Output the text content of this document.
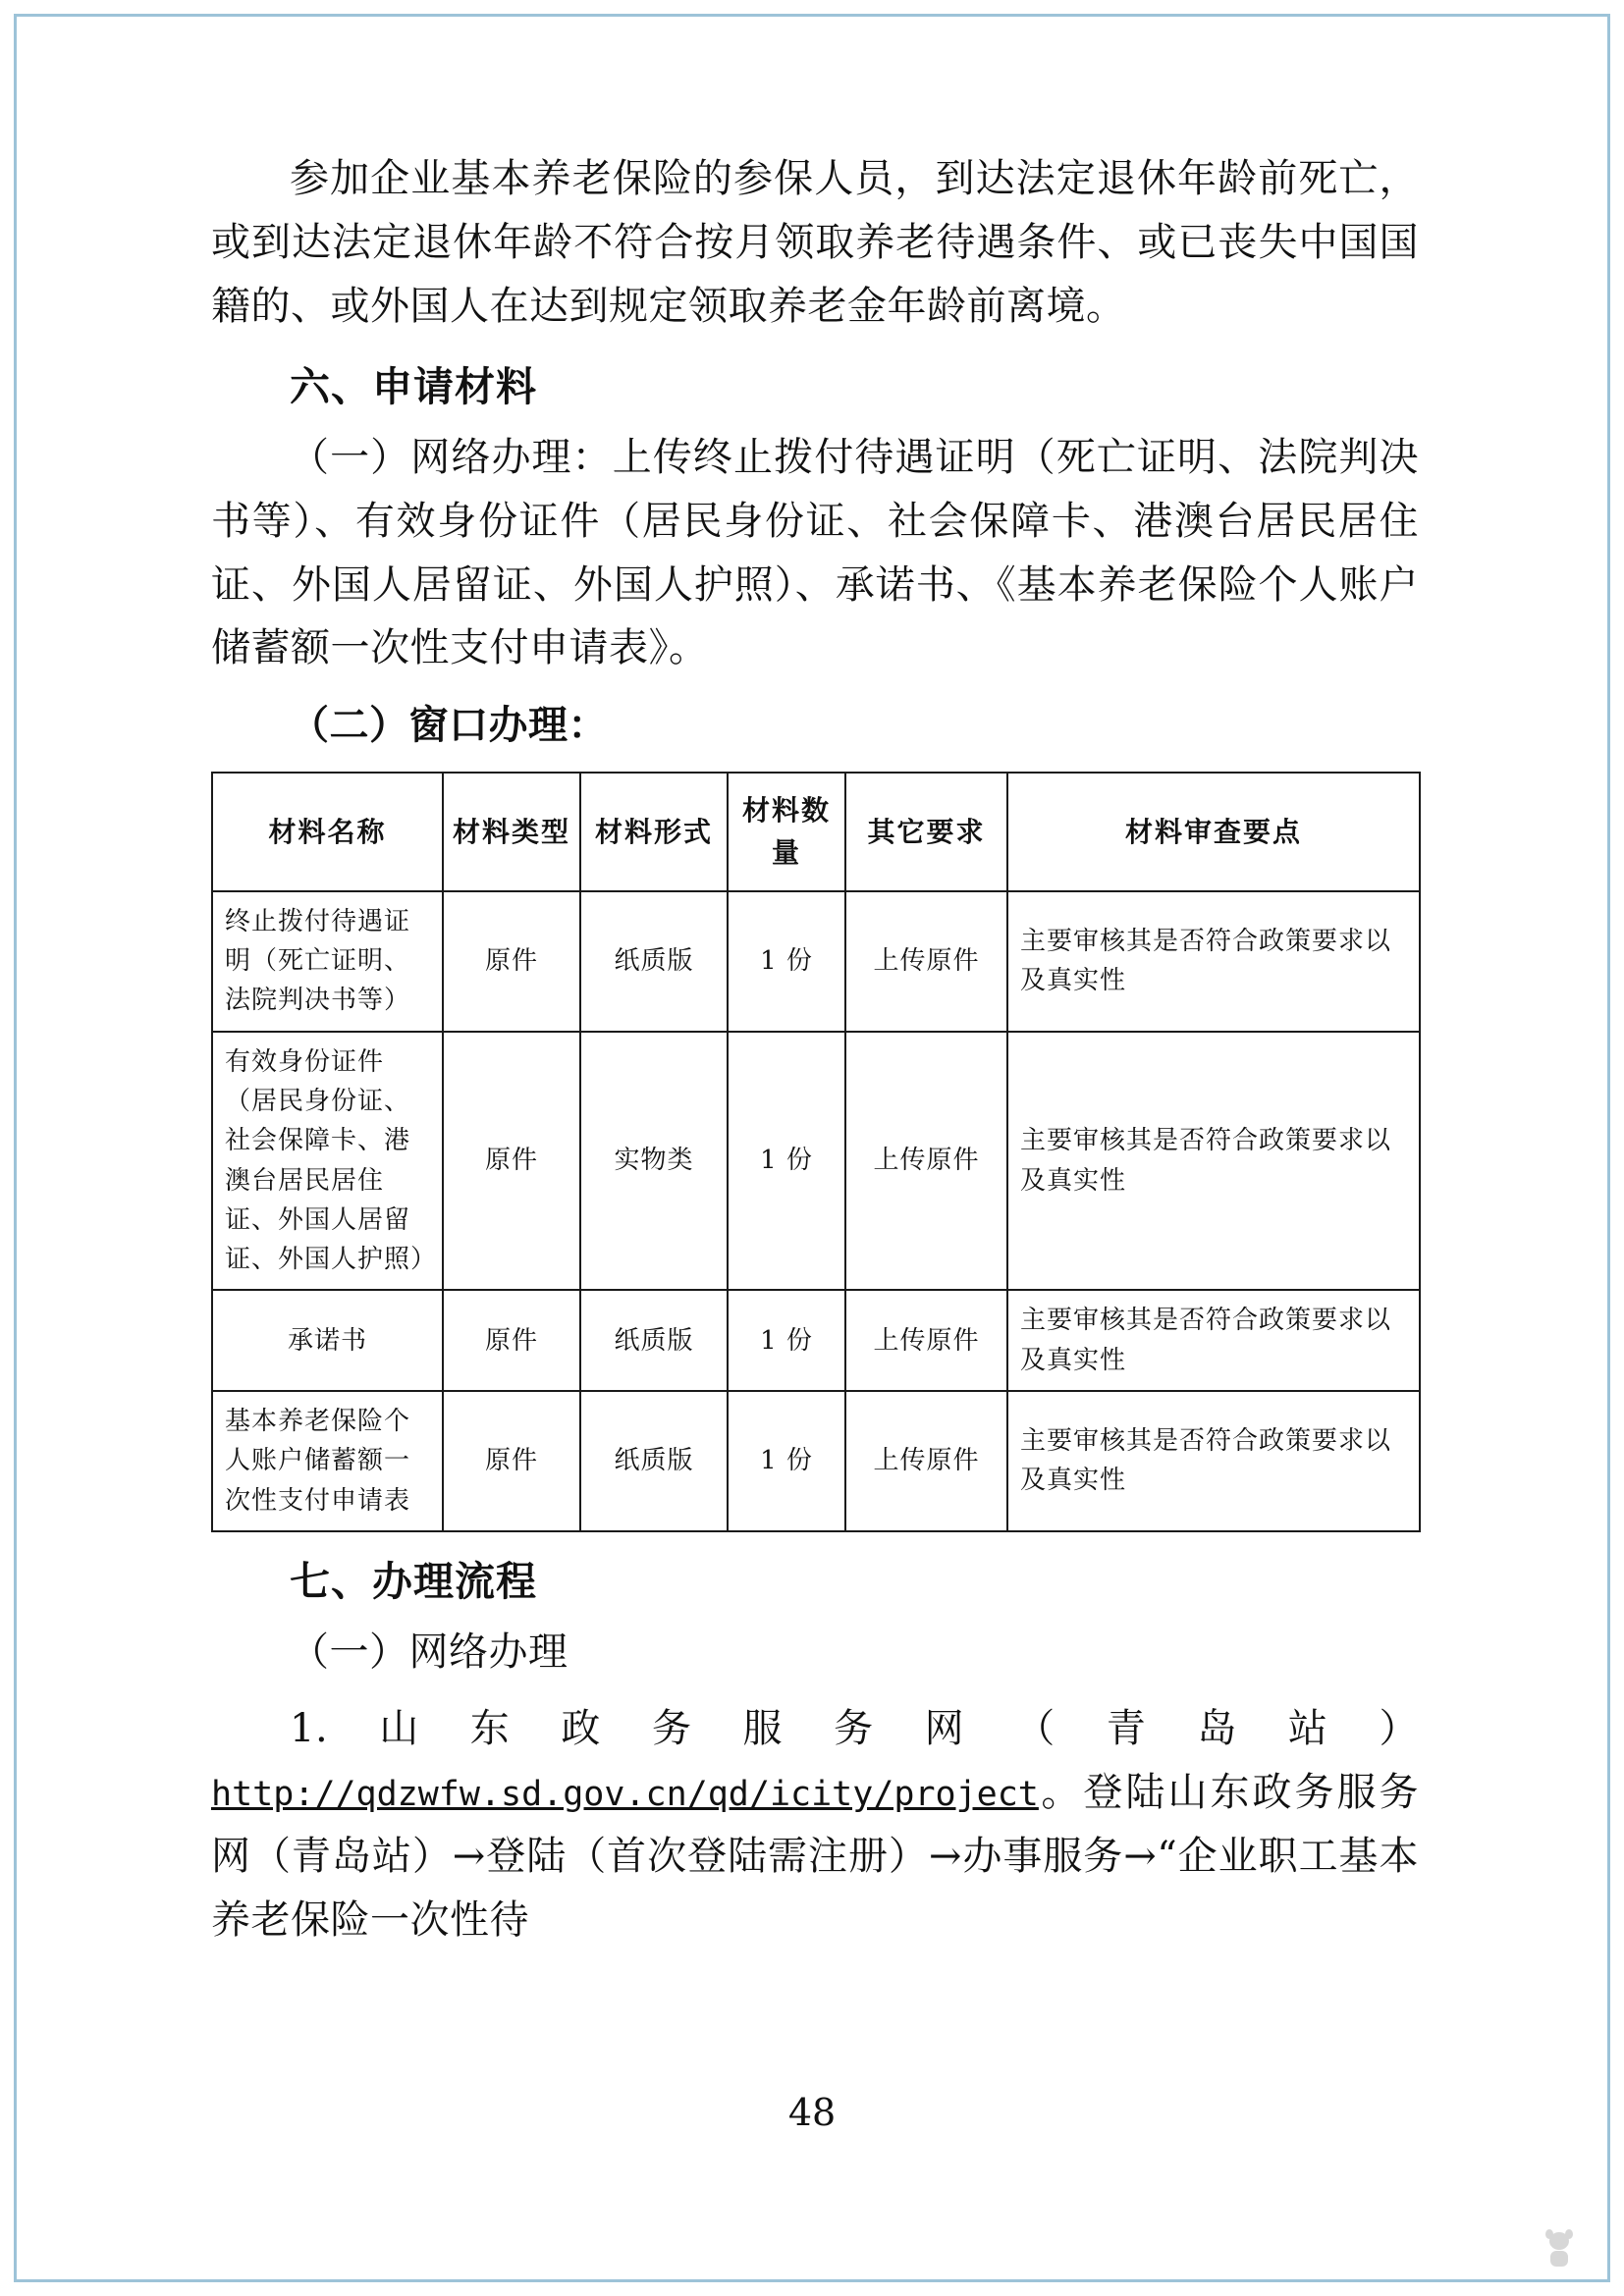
参加企业基本养老保险的参保人员，到达法定退休年龄前死亡，或到达法定退休年龄不符合按月领取养老待遇条件、或已丧失中国国籍的、或外国人在达到规定领取养老金年龄前离境。

六、申请材料

（一）网络办理：上传终止拨付待遇证明（死亡证明、法院判决书等）、有效身份证件（居民身份证、社会保障卡、港澳台居民居住证、外国人居留证、外国人护照）、承诺书、《基本养老保险个人账户储蓄额一次性支付申请表》。

（二）窗口办理：

材料名称	材料类型	材料形式	材料数量	其它要求	材料审查要点
终止拨付待遇证明（死亡证明、法院判决书等）	原件	纸质版	1 份	上传原件	主要审核其是否符合政策要求以及真实性
有效身份证件（居民身份证、社会保障卡、港澳台居民居住证、外国人居留证、外国人护照）	原件	实物类	1 份	上传原件	主要审核其是否符合政策要求以及真实性
承诺书	原件	纸质版	1 份	上传原件	主要审核其是否符合政策要求以及真实性
基本养老保险个人账户储蓄额一次性支付申请表	原件	纸质版	1 份	上传原件	主要审核其是否符合政策要求以及真实性

七、办理流程

（一）网络办理

1.山东政务服务网（青岛站）http://qdzwfw.sd.gov.cn/qd/icity/project。登陆山东政务服务网（青岛站）→登陆（首次登陆需注册）→办事服务→“企业职工基本养老保险一次性待

48
